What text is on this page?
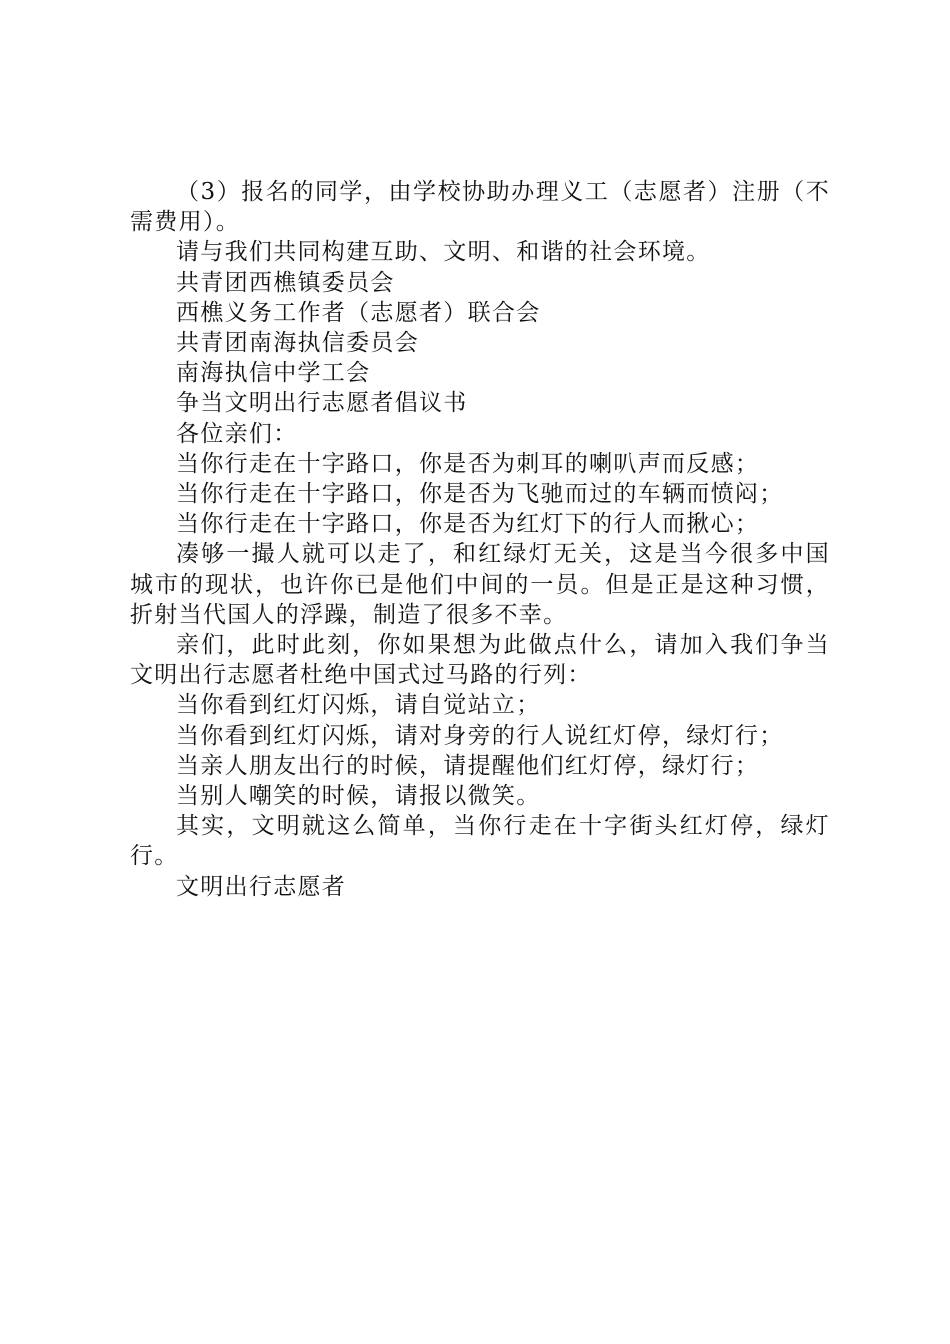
（3）报名的同学，由学校协助办理义工（志愿者）注册（不需费用）。

请与我们共同构建互助、文明、和谐的社会环境。

共青团西樵镇委员会

西樵义务工作者（志愿者）联合会

共青团南海执信委员会

南海执信中学工会

争当文明出行志愿者倡议书

各位亲们：

当你行走在十字路口，你是否为刺耳的喇叭声而反感；

当你行走在十字路口，你是否为飞驰而过的车辆而愤闷；

当你行走在十字路口，你是否为红灯下的行人而揪心；

凑够一撮人就可以走了，和红绿灯无关，这是当今很多中国城市的现状，也许你已是他们中间的一员。但是正是这种习惯，折射当代国人的浮躁，制造了很多不幸。

亲们，此时此刻，你如果想为此做点什么，请加入我们争当文明出行志愿者杜绝中国式过马路的行列：

当你看到红灯闪烁，请自觉站立；

当你看到红灯闪烁，请对身旁的行人说红灯停，绿灯行；

当亲人朋友出行的时候，请提醒他们红灯停，绿灯行；

当别人嘲笑的时候，请报以微笑。

其实，文明就这么简单，当你行走在十字街头红灯停，绿灯行。

文明出行志愿者
